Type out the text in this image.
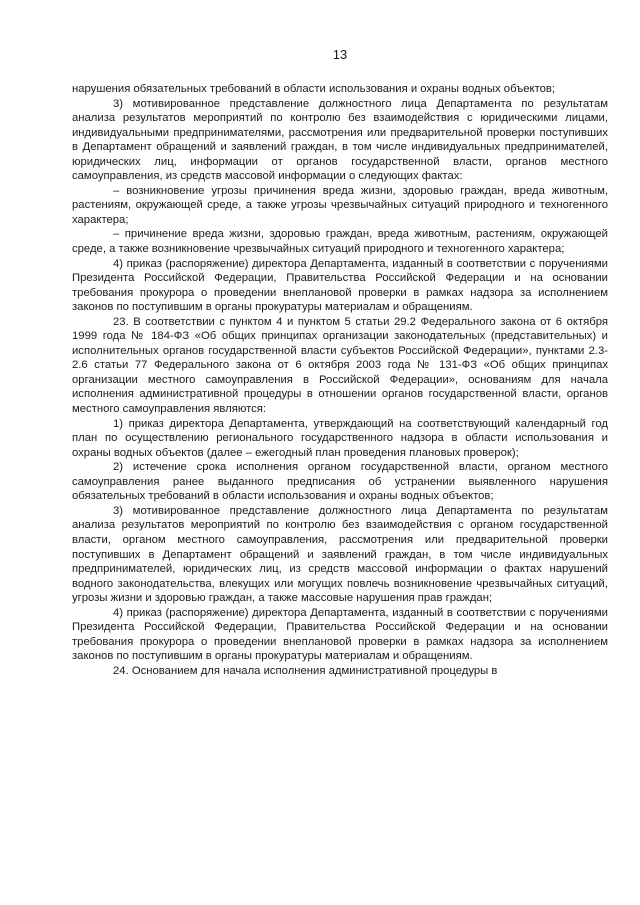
13

нарушения обязательных требований в области использования и охраны водных объектов;

3) мотивированное представление должностного лица Департамента по результатам анализа результатов мероприятий по контролю без взаимодействия с юридическими лицами, индивидуальными предпринимателями, рассмотрения или предварительной проверки поступивших в Департамент обращений и заявлений граждан, в том числе индивидуальных предпринимателей, юридических лиц, информации от органов государственной власти, органов местного самоуправления, из средств массовой информации о следующих фактах:

– возникновение угрозы причинения вреда жизни, здоровью граждан, вреда животным, растениям, окружающей среде, а также угрозы чрезвычайных ситуаций природного и техногенного характера;

– причинение вреда жизни, здоровью граждан, вреда животным, растениям, окружающей среде, а также возникновение чрезвычайных ситуаций природного и техногенного характера;

4) приказ (распоряжение) директора Департамента, изданный в соответствии с поручениями Президента Российской Федерации, Правительства Российской Федерации и на основании требования прокурора о проведении внеплановой проверки в рамках надзора за исполнением законов по поступившим в органы прокуратуры материалам и обращениям.

23. В соответствии с пунктом 4 и пунктом 5 статьи 29.2 Федерального закона от 6 октября 1999 года № 184-ФЗ «Об общих принципах организации законодательных (представительных) и исполнительных органов государственной власти субъектов Российской Федерации», пунктами 2.3-2.6 статьи 77 Федерального закона от 6 октября 2003 года № 131-ФЗ «Об общих принципах организации местного самоуправления в Российской Федерации», основаниям для начала исполнения административной процедуры в отношении органов государственной власти, органов местного самоуправления являются:

1) приказ директора Департамента, утверждающий на соответствующий календарный год план по осуществлению регионального государственного надзора в области использования и охраны водных объектов (далее – ежегодный план проведения плановых проверок);

2) истечение срока исполнения органом государственной власти, органом местного самоуправления ранее выданного предписания об устранении выявленного нарушения обязательных требований в области использования и охраны водных объектов;

3) мотивированное представление должностного лица Департамента по результатам анализа результатов мероприятий по контролю без взаимодействия с органом государственной власти, органом местного самоуправления, рассмотрения или предварительной проверки поступивших в Департамент обращений и заявлений граждан, в том числе индивидуальных предпринимателей, юридических лиц, из средств массовой информации о фактах нарушений водного законодательства, влекущих или могущих повлечь возникновение чрезвычайных ситуаций, угрозы жизни и здоровью граждан, а также массовые нарушения прав граждан;

4) приказ (распоряжение) директора Департамента, изданный в соответствии с поручениями Президента Российской Федерации, Правительства Российской Федерации и на основании требования прокурора о проведении внеплановой проверки в рамках надзора за исполнением законов по поступившим в органы прокуратуры материалам и обращениям.

24. Основанием для начала исполнения административной процедуры в
